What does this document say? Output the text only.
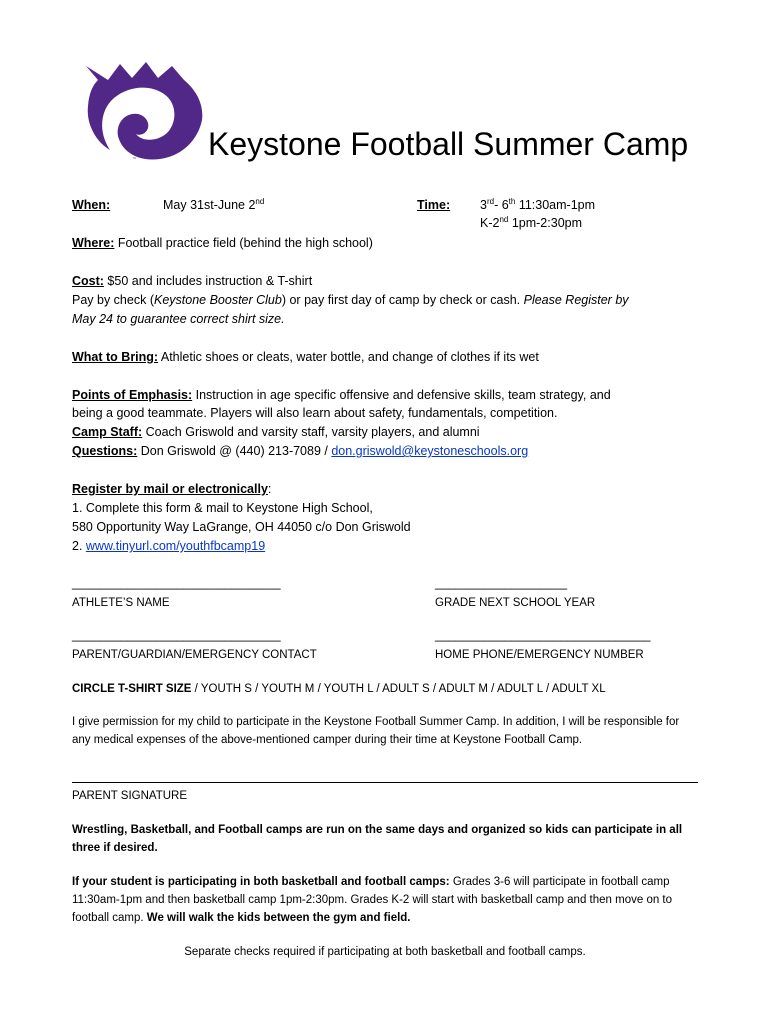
™ Keystone Football Summer Camp
When:	May 31st-June 2nd	Time: 3rd- 6th 11:30am-1pm
K-2nd 1pm-2:30pm
Where: Football practice field (behind the high school)
Cost: $50 and includes instruction & T-shirt
Pay by check (Keystone Booster Club) or pay first day of camp by check or cash. Please Register by
May 24 to guarantee correct shirt size.
What to Bring: Athletic shoes or cleats, water bottle, and change of clothes if its wet
Points of Emphasis: Instruction in age specific offensive and defensive skills, team strategy, and
being a good teammate. Players will also learn about safety, fundamentals, competition.
Camp Staff: Coach Griswold and varsity staff, varsity players, and alumni
Questions: Don Griswold @ (440) 213-7089 / don.griswold@keystoneschools.org
Register by mail or electronically:
1. Complete this form & mail to Keystone High School,
580 Opportunity Way LaGrange, OH 44050 c/o Don Griswold
2. www.tinyurl.com/youthfbcamp19
______________________________
ATHLETE’S NAME
___________________
GRADE NEXT SCHOOL YEAR
______________________________
PARENT/GUARDIAN/EMERGENCY CONTACT
_______________________________
HOME PHONE/EMERGENCY NUMBER
CIRCLE T-SHIRT SIZE / YOUTH S / YOUTH M / YOUTH L / ADULT S / ADULT M / ADULT L / ADULT XL
I give permission for my child to participate in the Keystone Football Summer Camp. In addition, I will be responsible for any medical expenses of the above-mentioned camper during their time at Keystone Football Camp.
PARENT SIGNATURE
Wrestling, Basketball, and Football camps are run on the same days and organized so kids can participate in all three if desired.
If your student is participating in both basketball and football camps: Grades 3-6 will participate in football camp 11:30am-1pm and then basketball camp 1pm-2:30pm. Grades K-2 will start with basketball camp and then move on to football camp. We will walk the kids between the gym and field.
Separate checks required if participating at both basketball and football camps.
